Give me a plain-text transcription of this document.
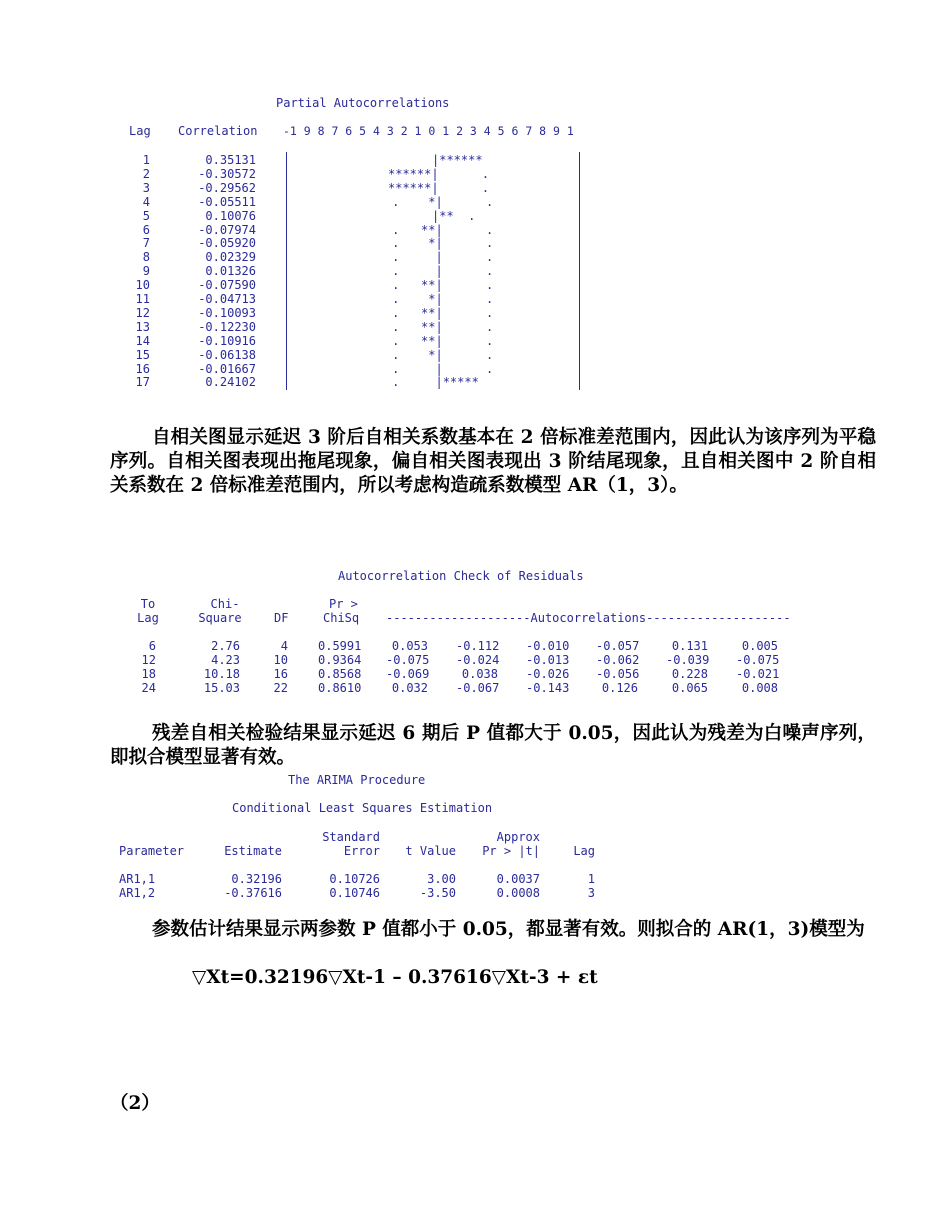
Partial Autocorrelations
Lag Correlation -1 9 8 7 6 5 4 3 2 1 0 1 2 3 4 5 6 7 8 9 1
1	0.35131	|******
2	-0.30572	******|      .
3	-0.29562	******|      .
4	-0.05511	.    *|      .
5	0.10076	|**  .
6	-0.07974	.   **|      .
7	-0.05920	.    *|      .
8	0.02329	.     |      .
9	0.01326	.     |      .
10	-0.07590	.   **|      .
11	-0.04713	.    *|      .
12	-0.10093	.   **|      .
13	-0.12230	.   **|      .
14	-0.10916	.   **|      .
15	-0.06138	.    *|      .
16	-0.01667	.     |      .
17	0.24102	.     |*****
自相关图显示延迟 3 阶后自相关系数基本在 2 倍标准差范围内，因此认为该序列为平稳序列。自相关图表现出拖尾现象，偏自相关图表现出 3 阶结尾现象，且自相关图中 2 阶自相关系数在 2 倍标准差范围内，所以考虑构造疏系数模型 AR（1，3）。
Autocorrelation Check of Residuals
To
Lag
Chi-
Square	DF
Pr >
ChiSq --------------------Autocorrelations--------------------
6	2.76	4	0.5991	0.053 -0.112 -0.010 -0.057	0.131	0.005
12	4.23	10	0.9364 -0.075 -0.024 -0.013 -0.062 -0.039 -0.075
18	10.18	16	0.8568 -0.069	0.038 -0.026 -0.056	0.228 -0.021
24	15.03	22	0.8610	0.032 -0.067 -0.143	0.126	0.065	0.008
残差自相关检验结果显示延迟 6 期后 P 值都大于 0.05，因此认为残差为白噪声序列，即拟合模型显著有效。
The ARIMA Procedure
Conditional Least Squares Estimation
Parameter	Estimate
Standard
Error	t Value
Approx
Pr > |t|	Lag
AR1,1	0.32196	0.10726	3.00	0.0037	1
AR1,2	-0.37616	0.10746	-3.50	0.0008	3
参数估计结果显示两参数 P 值都小于 0.05，都显著有效。则拟合的 AR(1，3)模型为
▽Xt=0.32196▽Xt-1 – 0.37616▽Xt-3 + εt
（2）
